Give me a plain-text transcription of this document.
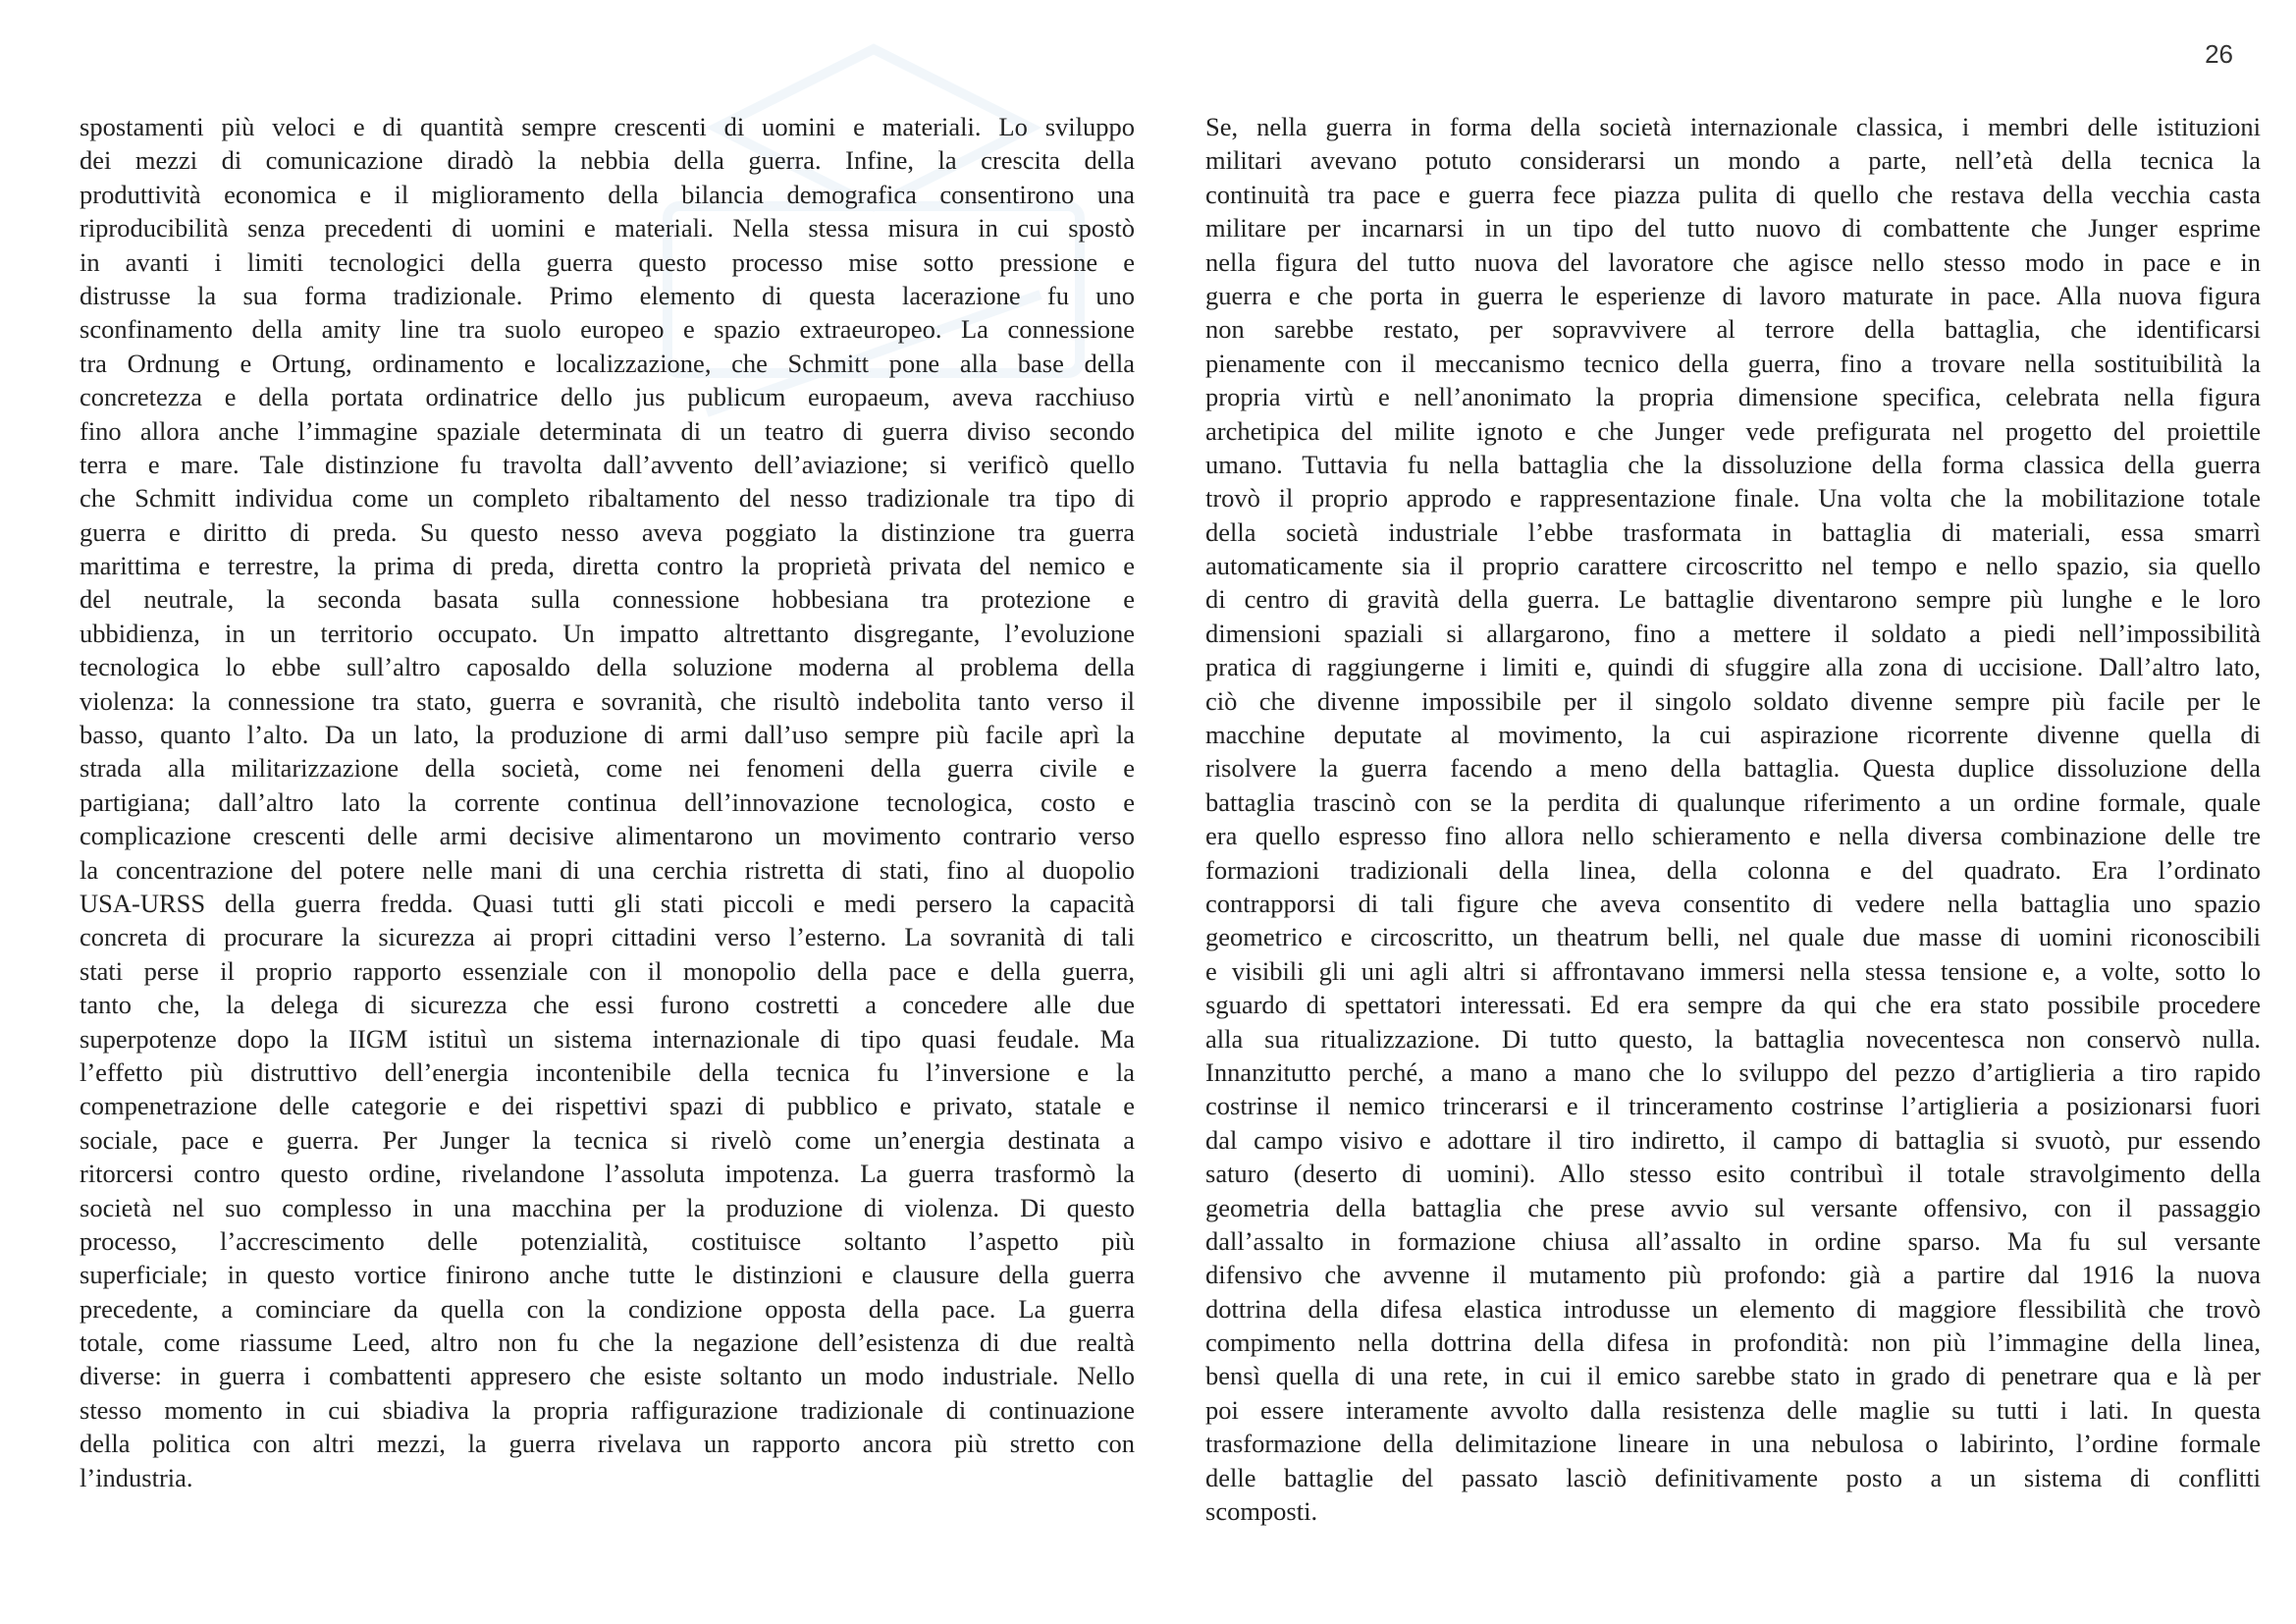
26
spostamenti più veloci e di quantità sempre crescenti di uomini e materiali. Lo sviluppo
dei mezzi di comunicazione diradò la nebbia della guerra. Infine, la crescita della
produttività economica e il miglioramento della bilancia demografica consentirono una
riproducibilità senza precedenti di uomini e materiali. Nella stessa misura in cui spostò
in avanti i limiti tecnologici della guerra questo processo mise sotto pressione e
distrusse la sua forma tradizionale. Primo elemento di questa lacerazione fu uno
sconfinamento della amity line tra suolo europeo e spazio extraeuropeo. La connessione
tra Ordnung e Ortung, ordinamento e localizzazione, che Schmitt pone alla base della
concretezza e della portata ordinatrice dello jus publicum europaeum, aveva racchiuso
fino allora anche l’immagine spaziale determinata di un teatro di guerra diviso secondo
terra e mare. Tale distinzione fu travolta dall’avvento dell’aviazione; si verificò quello
che Schmitt individua come un completo ribaltamento del nesso tradizionale tra tipo di
guerra e diritto di preda. Su questo nesso aveva poggiato la distinzione tra guerra
marittima e terrestre, la prima di preda, diretta contro la proprietà privata del nemico e
del neutrale, la seconda basata sulla connessione hobbesiana tra protezione e
ubbidienza, in un territorio occupato. Un impatto altrettanto disgregante, l’evoluzione
tecnologica lo ebbe sull’altro caposaldo della soluzione moderna al problema della
violenza: la connessione tra stato, guerra e sovranità, che risultò indebolita tanto verso il
basso, quanto l’alto. Da un lato, la produzione di armi dall’uso sempre più facile aprì la
strada alla militarizzazione della società, come nei fenomeni della guerra civile e
partigiana; dall’altro lato la corrente continua dell’innovazione tecnologica, costo e
complicazione crescenti delle armi decisive alimentarono un movimento contrario verso
la concentrazione del potere nelle mani di una cerchia ristretta di stati, fino al duopolio
USA-URSS della guerra fredda. Quasi tutti gli stati piccoli e medi persero la capacità
concreta di procurare la sicurezza ai propri cittadini verso l’esterno. La sovranità di tali
stati perse il proprio rapporto essenziale con il monopolio della pace e della guerra,
tanto che, la delega di sicurezza che essi furono costretti a concedere alle due
superpotenze dopo la IIGM istituì un sistema internazionale di tipo quasi feudale. Ma
l’effetto più distruttivo dell’energia incontenibile della tecnica fu l’inversione e la
compenetrazione delle categorie e dei rispettivi spazi di pubblico e privato, statale e
sociale, pace e guerra. Per Junger la tecnica si rivelò come un’energia destinata a
ritorcersi contro questo ordine, rivelandone l’assoluta impotenza. La guerra trasformò la
società nel suo complesso in una macchina per la produzione di violenza. Di questo
processo, l’accrescimento delle potenzialità, costituisce soltanto l’aspetto più
superficiale; in questo vortice finirono anche tutte le distinzioni e clausure della guerra
precedente, a cominciare da quella con la condizione opposta della pace. La guerra
totale, come riassume Leed, altro non fu che la negazione dell’esistenza di due realtà
diverse: in guerra i combattenti appresero che esiste soltanto un modo industriale. Nello
stesso momento in cui sbiadiva la propria raffigurazione tradizionale di continuazione
della politica con altri mezzi, la guerra rivelava un rapporto ancora più stretto con
l’industria.
Se, nella guerra in forma della società internazionale classica, i membri delle istituzioni
militari avevano potuto considerarsi un mondo a parte, nell’età della tecnica la
continuità tra pace e guerra fece piazza pulita di quello che restava della vecchia casta
militare per incarnarsi in un tipo del tutto nuovo di combattente che Junger esprime
nella figura del tutto nuova del lavoratore che agisce nello stesso modo in pace e in
guerra e che porta in guerra le esperienze di lavoro maturate in pace. Alla nuova figura
non sarebbe restato, per sopravvivere al terrore della battaglia, che identificarsi
pienamente con il meccanismo tecnico della guerra, fino a trovare nella sostituibilità la
propria virtù e nell’anonimato la propria dimensione specifica, celebrata nella figura
archetipica del milite ignoto e che Junger vede prefigurata nel progetto del proiettile
umano. Tuttavia fu nella battaglia che la dissoluzione della forma classica della guerra
trovò il proprio approdo e rappresentazione finale. Una volta che la mobilitazione totale
della società industriale l’ebbe trasformata in battaglia di materiali, essa smarrì
automaticamente sia il proprio carattere circoscritto nel tempo e nello spazio, sia quello
di centro di gravità della guerra. Le battaglie diventarono sempre più lunghe e le loro
dimensioni spaziali si allargarono, fino a mettere il soldato a piedi nell’impossibilità
pratica di raggiungerne i limiti e, quindi di sfuggire alla zona di uccisione. Dall’altro lato,
ciò che divenne impossibile per il singolo soldato divenne sempre più facile per le
macchine deputate al movimento, la cui aspirazione ricorrente divenne quella di
risolvere la guerra facendo a meno della battaglia. Questa duplice dissoluzione della
battaglia trascinò con se la perdita di qualunque riferimento a un ordine formale, quale
era quello espresso fino allora nello schieramento e nella diversa combinazione delle tre
formazioni tradizionali della linea, della colonna e del quadrato. Era l’ordinato
contrapporsi di tali figure che aveva consentito di vedere nella battaglia uno spazio
geometrico e circoscritto, un theatrum belli, nel quale due masse di uomini riconoscibili
e visibili gli uni agli altri si affrontavano immersi nella stessa tensione e, a volte, sotto lo
sguardo di spettatori interessati. Ed era sempre da qui che era stato possibile procedere
alla sua ritualizzazione. Di tutto questo, la battaglia novecentesca non conservò nulla.
Innanzitutto perché, a mano a mano che lo sviluppo del pezzo d’artiglieria a tiro rapido
costrinse il nemico trincerarsi e il trinceramento costrinse l’artiglieria a posizionarsi fuori
dal campo visivo e adottare il tiro indiretto, il campo di battaglia si svuotò, pur essendo
saturo (deserto di uomini). Allo stesso esito contribuì il totale stravolgimento della
geometria della battaglia che prese avvio sul versante offensivo, con il passaggio
dall’assalto in formazione chiusa all’assalto in ordine sparso. Ma fu sul versante
difensivo che avvenne il mutamento più profondo: già a partire dal 1916 la nuova
dottrina della difesa elastica introdusse un elemento di maggiore flessibilità che trovò
compimento nella dottrina della difesa in profondità: non più l’immagine della linea,
bensì quella di una rete, in cui il emico sarebbe stato in grado di penetrare qua e là per
poi essere interamente avvolto dalla resistenza delle maglie su tutti i lati. In questa
trasformazione della delimitazione lineare in una nebulosa o labirinto, l’ordine formale
delle battaglie del passato lasciò definitivamente posto a un sistema di conflitti
scomposti.
